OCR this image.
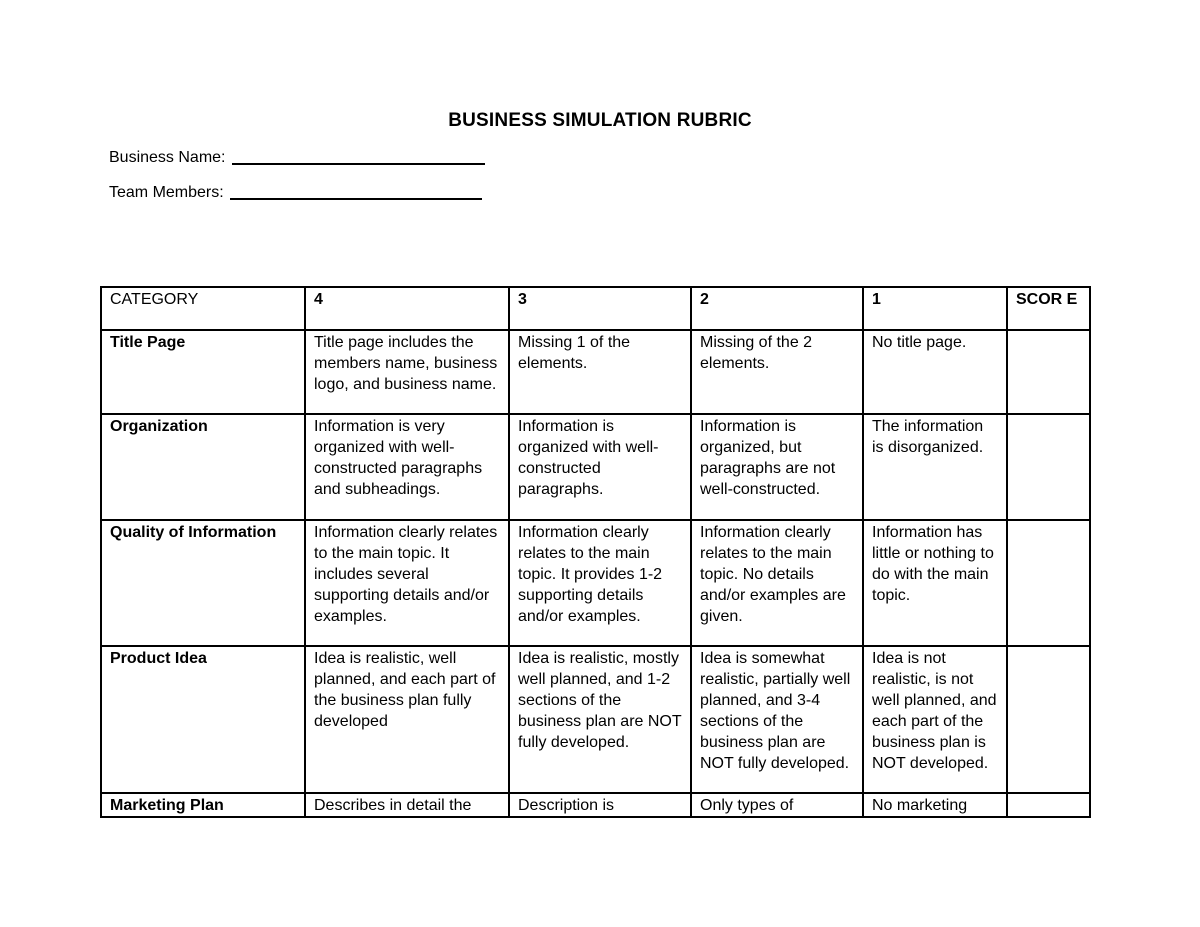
BUSINESS SIMULATION RUBRIC
Business Name:
Team Members:
CATEGORY	4	3	2	1	SCOR E
Title Page	Title page includes the members name, business logo, and business name.	Missing 1 of the elements.	Missing of the 2 elements.	No title page.	
Organization	Information is very organized with well-constructed paragraphs and subheadings.	Information is organized with well-constructed paragraphs.	Information is organized, but paragraphs are not well-constructed.	The information is disorganized.	
Quality of Information	Information clearly relates to the main topic. It includes several supporting details and/or examples.	Information clearly relates to the main topic. It provides 1-2 supporting details and/or examples.	Information clearly relates to the main topic. No details and/or examples are given.	Information has little or nothing to do with the main topic.	
Product Idea	Idea is realistic, well planned, and each part of the business plan fully developed	Idea is realistic, mostly well planned, and 1-2 sections of the business plan are NOT fully developed.	Idea is somewhat realistic, partially well planned, and 3-4 sections of the business plan are NOT fully developed.	Idea is not realistic, is not well planned, and each part of the business plan is NOT developed.	
Marketing Plan	Describes in detail the	Description is	Only types of	No marketing	
